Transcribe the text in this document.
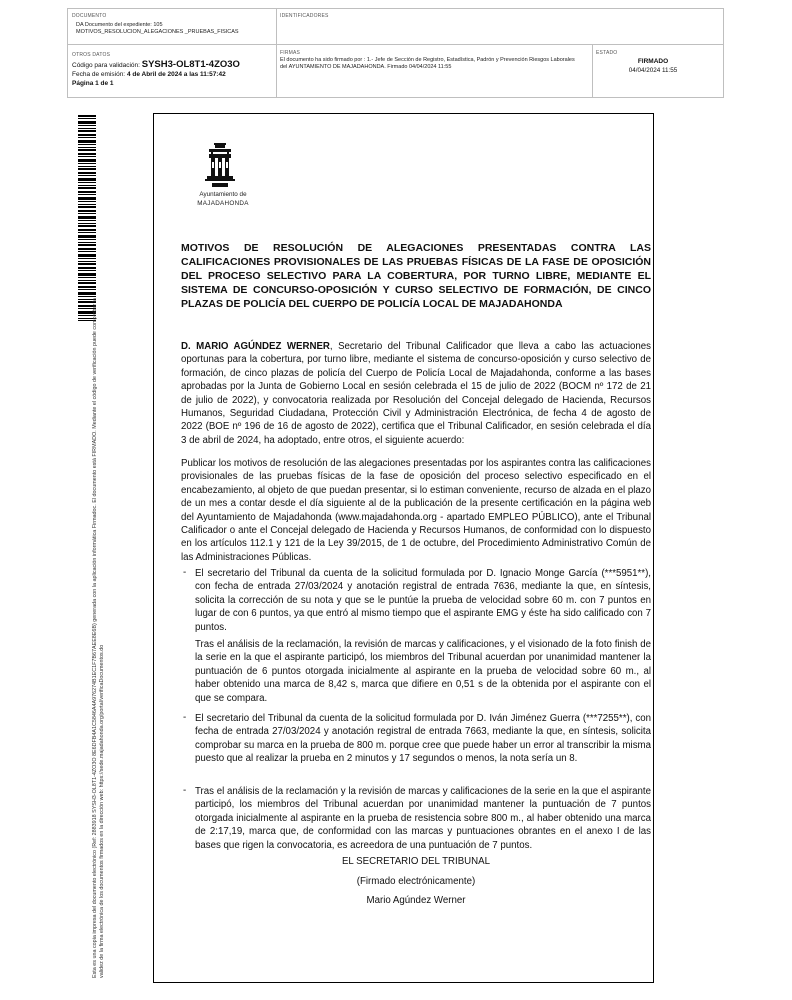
DOCUMENTO
DA Documento del expediente: 105 MOTIVOS_RESOLUCION_ALEGACIONES _PRUEBAS_FISICAS
IDENTIFICADORES
OTROS DATOS
Código para validación: SYSH3-OL8T1-4ZO3O
Fecha de emisión: 4 de Abril de 2024 a las 11:57:42
Página 1 de 1
FIRMAS
El documento ha sido firmado por : 1.- Jefe de Sección de Registro, Estadística, Padrón y Prevención Riesgos Laborales del AYUNTAMIENTO DE MAJADAHONDA. Firmado 04/04/2024 11:55
ESTADO
FIRMADO
04/04/2024 11:55
Esta es una copia impresa del documento electrónico (Ref: 2883918 SYSH3-OL8T1-4ZO3O 8E6DFB4A1C5846A4A976274B1EC1F7B67AEE8E6B) generada con la aplicación informática Firmadoc. El documento está FIRMADO. Mediante el código de verificación puede comprobar la validez de la firma electrónica de los documentos firmados en la dirección web: https://sede.majadahonda.org/portal/verificaDocumentos.do
Ayuntamiento de
MAJADAHONDA
MOTIVOS DE RESOLUCIÓN DE ALEGACIONES PRESENTADAS CONTRA LAS CALIFICACIONES PROVISIONALES DE LAS PRUEBAS FÍSICAS DE LA FASE DE OPOSICIÓN DEL PROCESO SELECTIVO PARA LA COBERTURA, POR TURNO LIBRE, MEDIANTE EL SISTEMA DE CONCURSO-OPOSICIÓN Y CURSO SELECTIVO DE FORMACIÓN, DE CINCO PLAZAS DE POLICÍA DEL CUERPO DE POLICÍA LOCAL DE MAJADAHONDA
D. MARIO AGÚNDEZ WERNER, Secretario del Tribunal Calificador que lleva a cabo las actuaciones oportunas para la cobertura, por turno libre, mediante el sistema de concurso-oposición y curso selectivo de formación, de cinco plazas de policía del Cuerpo de Policía Local de Majadahonda, conforme a las bases aprobadas por la Junta de Gobierno Local en sesión celebrada el 15 de julio de 2022 (BOCM nº 172 de 21 de julio de 2022), y convocatoria realizada por Resolución del Concejal delegado de Hacienda, Recursos Humanos, Seguridad Ciudadana, Protección Civil y Administración Electrónica, de fecha 4 de agosto de 2022 (BOE nº 196 de 16 de agosto de 2022), certifica que el Tribunal Calificador, en sesión celebrada el día 3 de abril de 2024, ha adoptado, entre otros, el siguiente acuerdo:
Publicar los motivos de resolución de las alegaciones presentadas por los aspirantes contra las calificaciones provisionales de las pruebas físicas de la fase de oposición del proceso selectivo especificado en el encabezamiento, al objeto de que puedan presentar, si lo estiman conveniente, recurso de alzada en el plazo de un mes a contar desde el día siguiente al de la publicación de la presente certificación en la página web del Ayuntamiento de Majadahonda (www.majadahonda.org - apartado EMPLEO PÚBLICO), ante el Tribunal Calificador o ante el Concejal delegado de Hacienda y Recursos Humanos, de conformidad con lo dispuesto en los artículos 112.1 y 121 de la Ley 39/2015, de 1 de octubre, del Procedimiento Administrativo Común de las Administraciones Públicas.
- El secretario del Tribunal da cuenta de la solicitud formulada por D. Ignacio Monge García (***5951**), con fecha de entrada 27/03/2024 y anotación registral de entrada 7636, mediante la que, en síntesis, solicita la corrección de su nota y que se le puntúe la prueba de velocidad sobre 60 m. con 7 puntos en lugar de con 6 puntos, ya que entró al mismo tiempo que el aspirante EMG y éste ha sido calificado con 7 puntos.
Tras el análisis de la reclamación, la revisión de marcas y calificaciones, y el visionado de la foto finish de la serie en la que el aspirante participó, los miembros del Tribunal acuerdan por unanimidad mantener la puntuación de 6 puntos otorgada inicialmente al aspirante en la prueba de velocidad sobre 60 m., al haber obtenido una marca de 8,42 s, marca que difiere en 0,51 s de la obtenida por el aspirante con el que se compara.
- El secretario del Tribunal da cuenta de la solicitud formulada por D. Iván Jiménez Guerra (***7255**), con fecha de entrada 27/03/2024 y anotación registral de entrada 7663, mediante la que, en síntesis, solicita comprobar su marca en la prueba de 800 m. porque cree que puede haber un error al transcribir la misma puesto que al realizar la prueba en 2 minutos y 17 segundos o menos, la nota sería un 8.
- Tras el análisis de la reclamación y la revisión de marcas y calificaciones de la serie en la que el aspirante participó, los miembros del Tribunal acuerdan por unanimidad mantener la puntuación de 7 puntos otorgada inicialmente al aspirante en la prueba de resistencia sobre 800 m., al haber obtenido una marca de 2:17,19, marca que, de conformidad con las marcas y puntuaciones obrantes en el anexo I de las bases que rigen la convocatoria, es acreedora de una puntuación de 7 puntos.
EL SECRETARIO DEL TRIBUNAL
(Firmado electrónicamente)
Mario Agúndez Werner
